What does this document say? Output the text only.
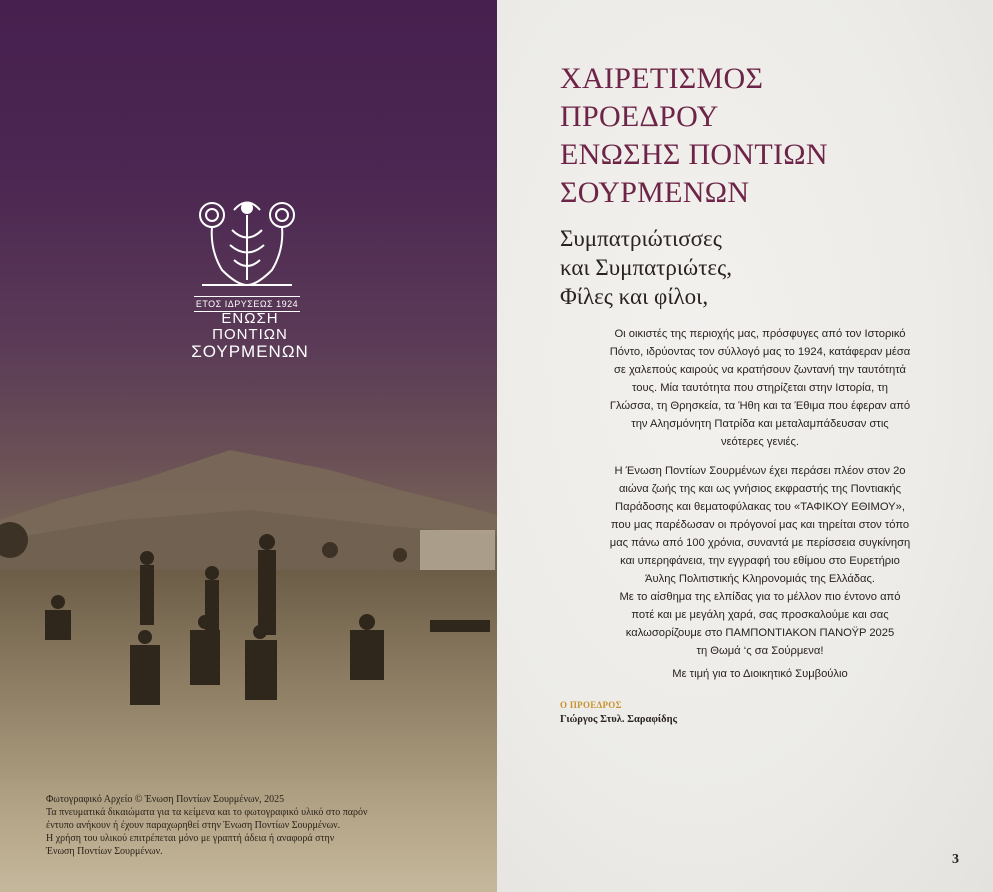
ΕΤΟΣ ΙΔΡΥΣΕΩΣ 1924
ΕΝΩΣΗ
ΠΟΝΤΙΩΝ
ΣΟΥΡΜΕΝΩΝ
Φωτογραφικό Αρχείο © Ένωση Ποντίων Σουρμένων, 2025
Τα πνευματικά δικαιώματα για τα κείμενα και το φωτογραφικό υλικό στο παρόν
έντυπο ανήκουν ή έχουν παραχωρηθεί στην Ένωση Ποντίων Σουρμένων.
Η χρήση του υλικού επιτρέπεται μόνο με γραπτή άδεια ή αναφορά στην
Ένωση Ποντίων Σουρμένων.
ΧΑΙΡΕΤΙΣΜΟΣ
ΠΡΟΕΔΡΟΥ
ΕΝΩΣΗΣ ΠΟΝΤΙΩΝ
ΣΟΥΡΜΕΝΩΝ
Συμπατριώτισσες
και Συμπατριώτες,
Φίλες και φίλοι,
Οι οικιστές της περιοχής μας, πρόσφυγες από τον Ιστορικό
Πόντο, ιδρύοντας τον σύλλογό μας το 1924, κατάφεραν μέσα
σε χαλεπούς καιρούς να κρατήσουν ζωντανή την ταυτότητά
τους. Μία ταυτότητα που στηρίζεται στην Ιστορία, τη
Γλώσσα, τη Θρησκεία, τα Ήθη και τα Έθιμα που έφεραν από
την Αλησμόνητη Πατρίδα και μεταλαμπάδευσαν στις
νεότερες γενιές.
Η Ένωση Ποντίων Σουρμένων έχει περάσει πλέον στον 2ο
αιώνα ζωής της και ως γνήσιος εκφραστής της Ποντιακής
Παράδοσης και θεματοφύλακας του «ΤΑΦΙΚΟΥ ΕΘΙΜΟΥ»,
που μας παρέδωσαν οι πρόγονοί μας και τηρείται στον τόπο
μας πάνω από 100 χρόνια, συναντά με περίσσεια συγκίνηση
και υπερηφάνεια, την εγγραφή του εθίμου στο Ευρετήριο
Άυλης Πολιτιστικής Κληρονομιάς της Ελλάδας.
Με το αίσθημα της ελπίδας για το μέλλον πιο έντονο από
ποτέ και με μεγάλη χαρά, σας προσκαλούμε και σας
καλωσορίζουμε στο ΠΑΜΠΟΝΤΙΑΚΟΝ ΠΑΝΟΫΡ 2025
τη Θωμά ‘ς σα Σούρμενα!
Με τιμή για το Διοικητικό Συμβούλιο
Ο ΠΡΟΕΔΡΟΣ
Γιώργος Στυλ. Σαραφίδης
3
